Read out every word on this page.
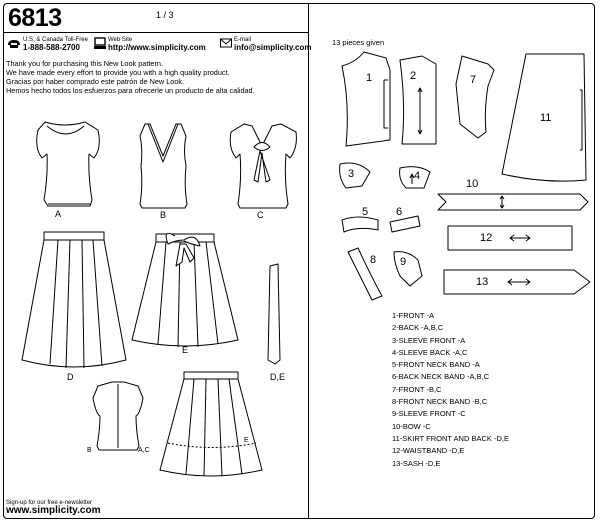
6813	1 / 3
U.S. & Canada Toll-Free
1-888-588-2700
Web Site
http://www.simplicity.com
E-mail
info@simplicity.com
Thank you for purchasing this New Look pattern.
We have made every effort to provide you with a high quality product.
Gracias por haber comprado este patrón de New Look.
Hemos hecho todos los esfuerzos para ofrecerle un producto de alta calidad.
A	B	C
D
E
D,E
B	A,C
E
13 pieces given
1	2
3	4
5	6
7
8 9
10
11
12
13
1-FRONT -A
2-BACK -A,B,C
3-SLEEVE FRONT -A
4-SLEEVE BACK -A,C
5-FRONT NECK BAND -A
6-BACK NECK BAND -A,B,C
7-FRONT -B,C
8-FRONT NECK BAND -B,C
9-SLEEVE FRONT -C
10-BOW -C
11-SKIRT FRONT AND BACK -D,E
12-WAISTBAND -D,E
13-SASH -D,E
Sign-up for our free e-newsletter
www.simplicity.com
